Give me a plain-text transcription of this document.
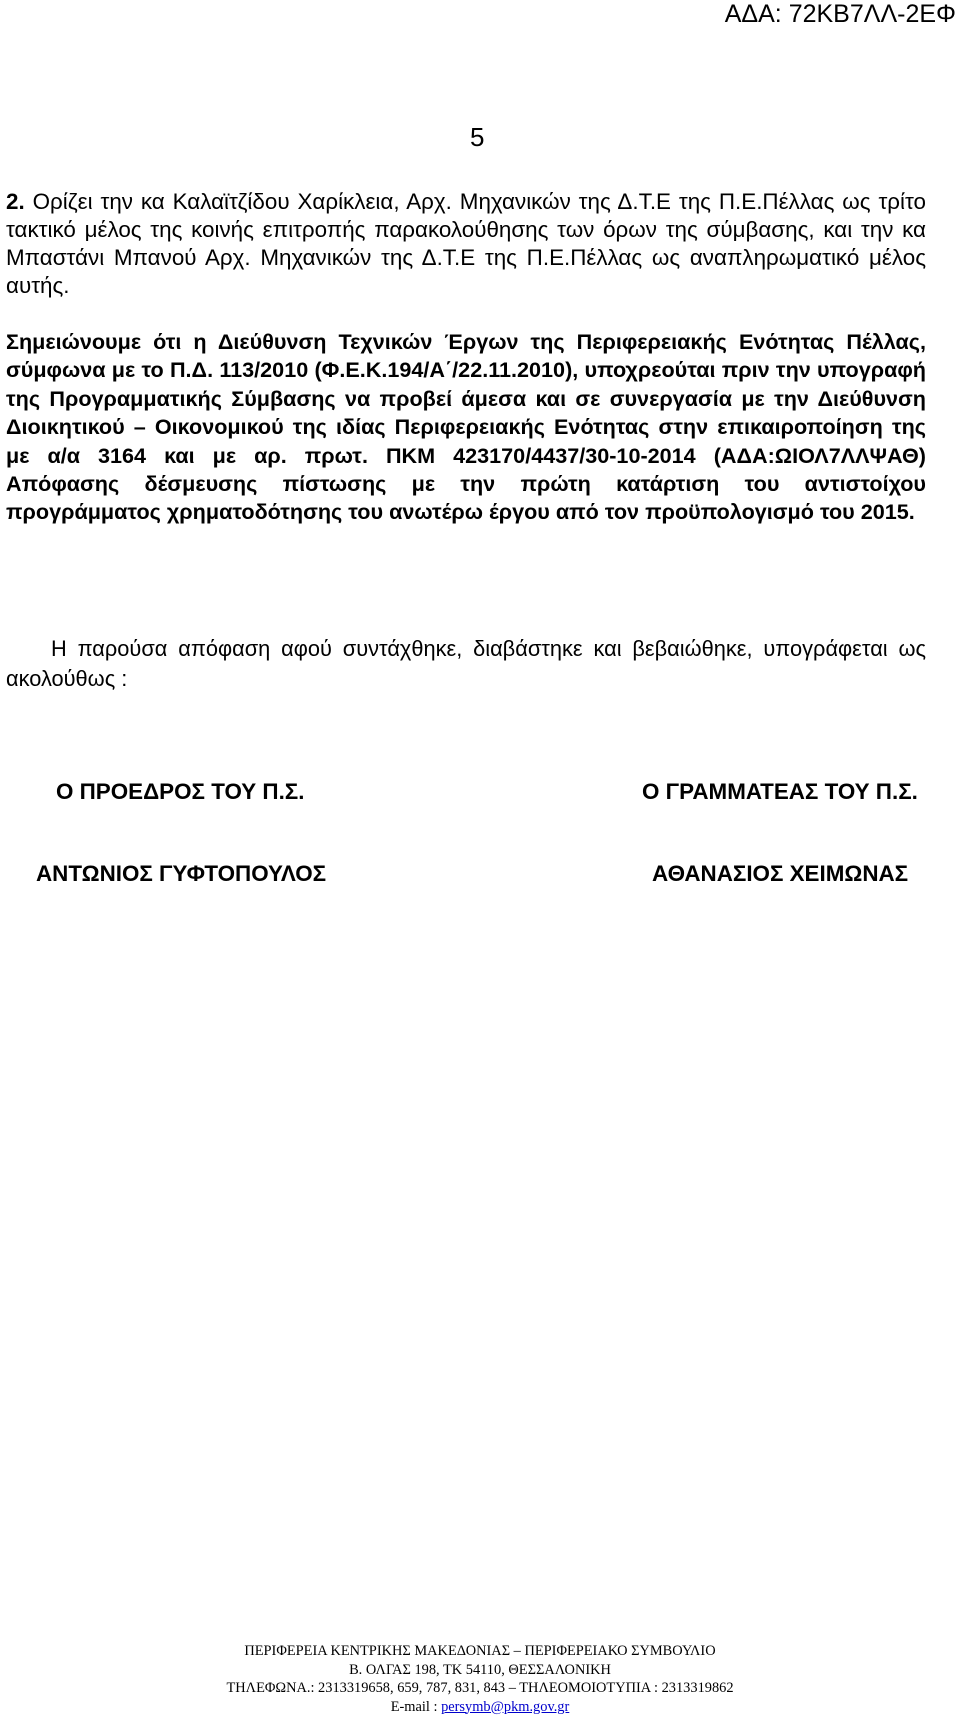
ΑΔΑ: 72ΚΒ7ΛΛ-2ΕΦ
5
2. Ορίζει την κα Καλαϊτζίδου Χαρίκλεια, Αρχ. Μηχανικών της Δ.Τ.Ε της Π.Ε.Πέλλας ως τρίτο τακτικό μέλος της κοινής επιτροπής παρακολούθησης των όρων της σύμβασης, και την κα Μπαστάνι Μπανού Αρχ. Μηχανικών της Δ.Τ.Ε της Π.Ε.Πέλλας ως αναπληρωματικό μέλος αυτής.
Σημειώνουμε ότι η Διεύθυνση Τεχνικών Έργων της Περιφερειακής Ενότητας Πέλλας, σύμφωνα με το Π.Δ. 113/2010 (Φ.Ε.Κ.194/Α΄/22.11.2010), υποχρεούται πριν την υπογραφή της Προγραμματικής Σύμβασης να προβεί άμεσα και σε συνεργασία με την Διεύθυνση Διοικητικού – Οικονομικού της ιδίας Περιφερειακής Ενότητας στην επικαιροποίηση της με α/α 3164 και με αρ. πρωτ. ΠΚΜ 423170/4437/30-10-2014 (ΑΔΑ:ΩΙΟΛ7ΛΛΨΑΘ) Απόφασης δέσμευσης πίστωσης με την πρώτη κατάρτιση του αντιστοίχου προγράμματος χρηματοδότησης του ανωτέρω έργου από τον προϋπολογισμό του 2015.
Η παρούσα απόφαση αφού συντάχθηκε, διαβάστηκε και βεβαιώθηκε, υπογράφεται ως ακολούθως :
Ο ΠΡΟΕΔΡΟΣ ΤΟΥ Π.Σ.	Ο ΓΡΑΜΜΑΤΕΑΣ ΤΟΥ Π.Σ.
ΑΝΤΩΝΙΟΣ ΓΥΦΤΟΠΟΥΛΟΣ	ΑΘΑΝΑΣΙΟΣ ΧΕΙΜΩΝΑΣ
ΠΕΡΙΦΕΡΕΙΑ ΚΕΝΤΡΙΚΗΣ ΜΑΚΕΔΟΝΙΑΣ – ΠΕΡΙΦΕΡΕΙΑΚΟ ΣΥΜΒΟΥΛΙΟ
Β. ΟΛΓΑΣ 198, ΤΚ 54110, ΘΕΣΣΑΛΟΝΙΚΗ
ΤΗΛΕΦΩΝΑ.: 2313319658, 659, 787, 831, 843 – ΤΗΛΕΟΜΟΙΟΤΥΠΙΑ : 2313319862
E-mail : persymb@pkm.gov.gr
